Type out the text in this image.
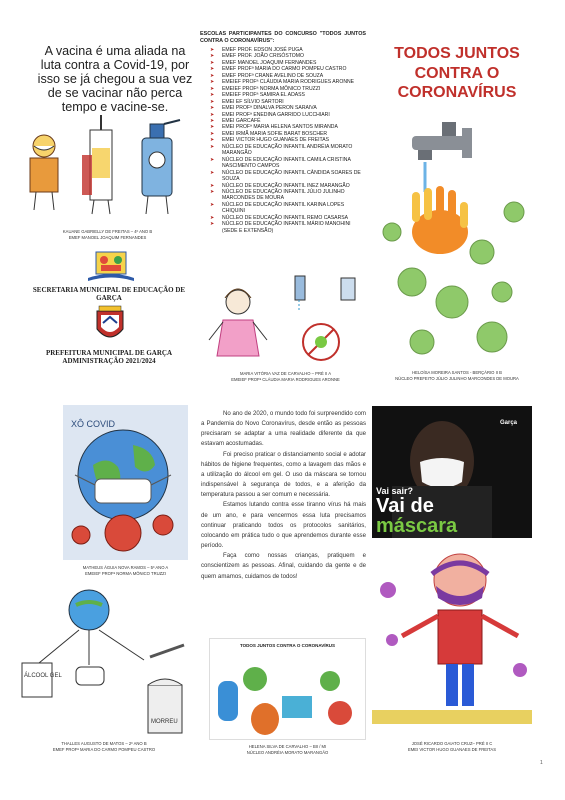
A vacina é uma aliada na luta contra a Covid-19, por isso se já chegou a sua vez de se vacinar não perca tempo e vacine-se.
KAUANE GABRIELLY DE FREITAS – 4º ANO B
EMEF MANOEL JOAQUIM FERNANDES
SECRETARIA MUNICIPAL DE EDUCAÇÃO DE GARÇA
PREFEITURA MUNICIPAL DE GARÇA
ADMINISTRAÇÃO 2021/2024
ESCOLAS PARTICIPANTES DO CONCURSO "TODOS JUNTOS CONTRA O CORONAVÍRUS":
➤ EMEF PROF. EDSON JOSÉ PUGA
➤ EMEF PROF. JOÃO CRISÓSTOMO
➤ EMEF MANOEL JOAQUIM FERNANDES
➤ EMEF PROFª MARIA DO CARMO POMPEU CASTRO
➤ EMEF PROFª CRANE AVELINO DE SOUZA
➤ EMEIEF PROFª CLÁUDIA MARIA RODRIGUES ARONNE
➤ EMEIEF PROFª NORMA MÔNICO TRUZZI
➤ EMEIEF PROFª SAMIRA EL ADASS
➤ EMEI EF SÍLVIO SARTORI
➤ EMEI PROFª DINALVA PERON SARAIVA
➤ EMEI PROFª ENEDINA GARRIDO LUCCHIARI
➤ EMEI GARCAFÉ
➤ EMEI PROFª MARIA HELENA SANTOS MIRANDA
➤ EMEI IRMÃ MARIA SOFIE BARAT BOSCHER
➤ EMEI VICTOR HUGO GUANAES DE FREITAS
➤ NÚCLEO DE EDUCAÇÃO INFANTIL ANDRÉIA MORATO MARANGÃO
➤ NÚCLEO DE EDUCAÇÃO INFANTIL CAMILA CRISTINA NASCIMENTO CAMPOS
➤ NÚCLEO DE EDUCAÇÃO INFANTIL CÂNDIDA SOARES DE SOUZA
➤ NÚCLEO DE EDUCAÇÃO INFANTIL INEZ MARANGÃO
➤ NÚCLEO DE EDUCAÇÃO INFANTIL JÚLIO JULINHO MARCONDES DE MOURA
➤ NÚCLEO DE EDUCAÇÃO INFANTIL KARINA LOPES CHIQUINI
➤ NÚCLEO DE EDUCAÇÃO INFANTIL REMO CASARSA
➤ NÚCLEO DE EDUCAÇÃO INFANTIL MÁRIO MANOHINI (SEDE E EXTENSÃO)
MARIA VITÓRIA VAZ DE CARVALHO – PRÉ II A
EMEIEF PROFª CLÁUDIA MARIA RODRIGUES ARONNE
TODOS JUNTOS CONTRA O CORONAVÍRUS
HELOÍSA MOREIRA SANTOS - BERÇÁRIO II B
NÚCLEO PREFEITO JÚLIO JULINHO MARCONDES DE MOURA
XÔ COVID
MATHEUS ÁGUIA NOVA RAMOS – 5º ANO A
EMEIEF PROFª NORMA MÔNICO TRUZZI

No ano de 2020, o mundo todo foi surpreendido com a Pandemia do Novo Coronavírus, desde então as pessoas precisaram se adaptar a uma realidade diferente da que estavam acostumadas.

Foi preciso praticar o distanciamento social e adotar hábitos de higiene frequentes, como a lavagem das mãos e a utilização do álcool em gel. O uso da máscara se tornou indispensável à segurança de todos, e a aferição da temperatura passou a ser comum e necessária.

Estamos lutando contra esse tiranno vírus há mais de um ano, e para vencermos essa luta precisamos continuar praticando todos os protocolos sanitários, colocando em prática tudo o que aprendemos durante esse período.

Faça como nossas crianças, pratiquem e conscientizem as pessoas. Afinal, cuidando da gente e de quem amamos, cuidamos de todos!

Garça
Vai sair?
Vai de
máscara
ÁLCOOL GEL
MORREU
THALLES AUGUSTO DE MATOS – 2º ANO B
EMEF PROFª MARIA DO CARMO POMPEU CASTRO
TODOS JUNTOS CONTRA O CORONAVÍRUS
HELENA SILVA DE CARVALHO – BII / MI
NÚCLEO ANDRÉIA MORATO MARANGÃO
JOSÉ RICARDO GAIATO CRUZ– PRÉ II C
EMEI VICTOR HUGO GUANAES DE FREITAS
1
